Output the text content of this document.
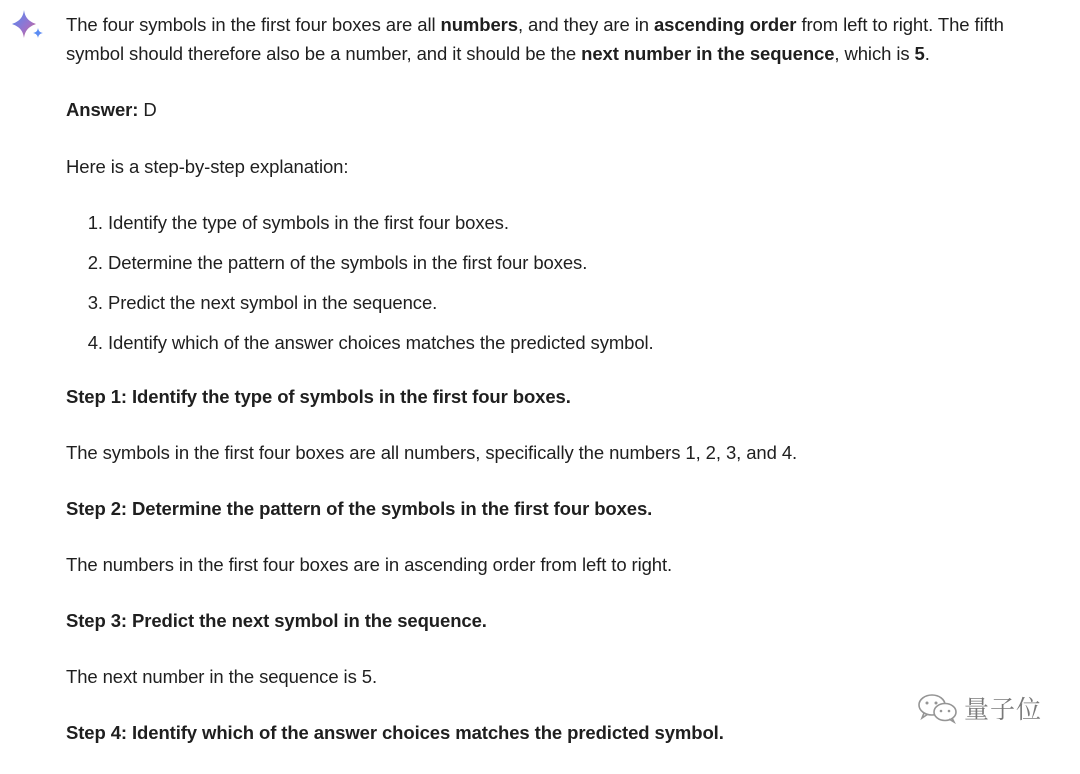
The four symbols in the first four boxes are all numbers, and they are in ascending order from left to right. The fifth symbol should therefore also be a number, and it should be the next number in the sequence, which is 5.

Answer: D

Here is a step-by-step explanation:

1. Identify the type of symbols in the first four boxes.
2. Determine the pattern of the symbols in the first four boxes.
3. Predict the next symbol in the sequence.
4. Identify which of the answer choices matches the predicted symbol.

Step 1: Identify the type of symbols in the first four boxes.

The symbols in the first four boxes are all numbers, specifically the numbers 1, 2, 3, and 4.

Step 2: Determine the pattern of the symbols in the first four boxes.

The numbers in the first four boxes are in ascending order from left to right.

Step 3: Predict the next symbol in the sequence.

The next number in the sequence is 5.

Step 4: Identify which of the answer choices matches the predicted symbol.

量子位
